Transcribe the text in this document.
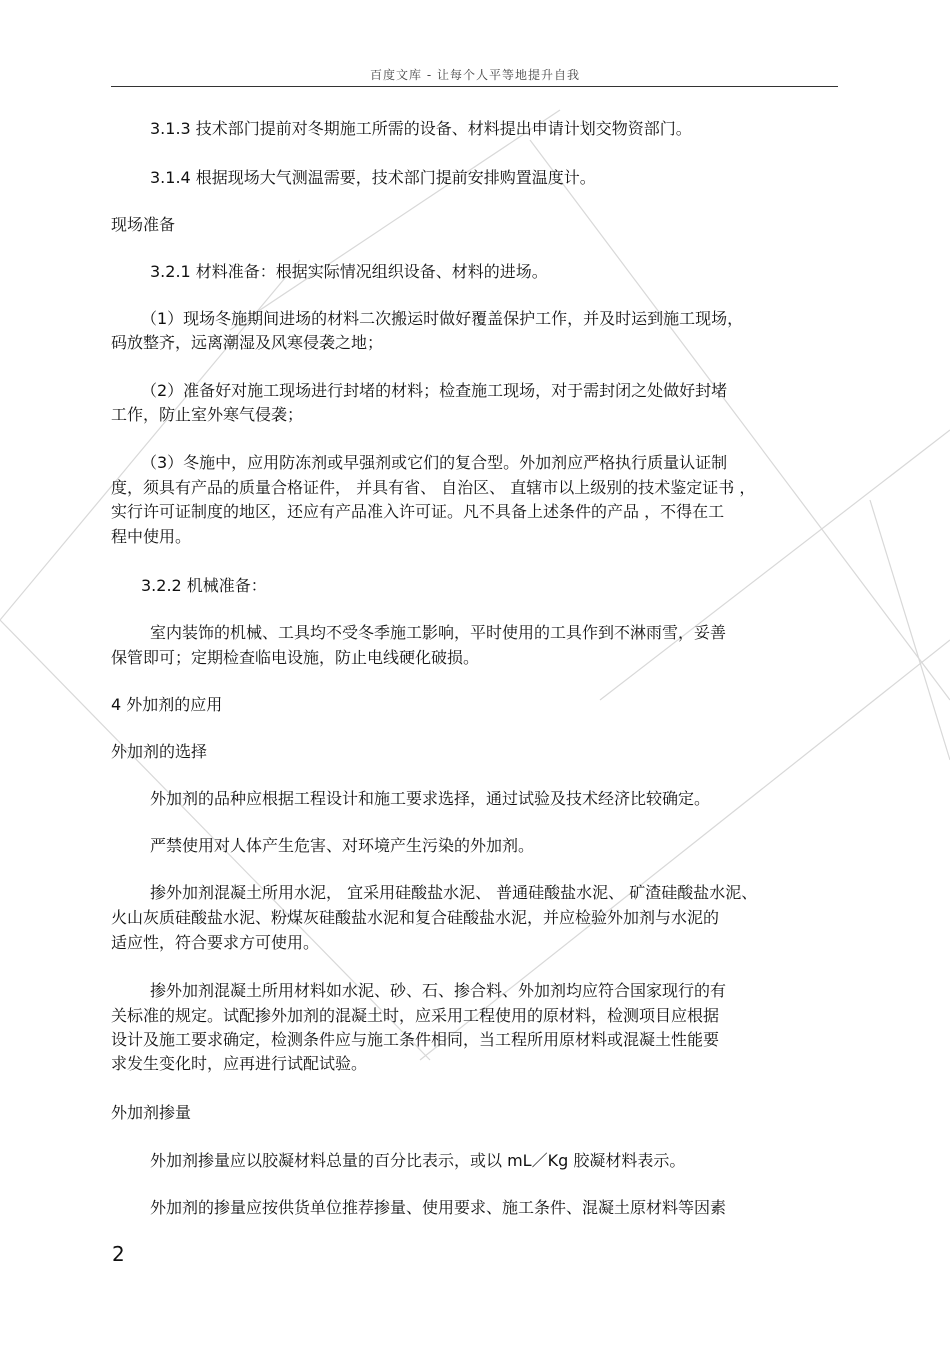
百度文库 - 让每个人平等地提升自我
3.1.3 技术部门提前对冬期施工所需的设备、材料提出申请计划交物资部门。
3.1.4 根据现场大气测温需要，技术部门提前安排购置温度计。
现场准备
3.2.1 材料准备：根据实际情况组织设备、材料的进场。
（1）现场冬施期间进场的材料二次搬运时做好覆盖保护工作，并及时运到施工现场，
码放整齐，远离潮湿及风寒侵袭之地；
（2）准备好对施工现场进行封堵的材料；检查施工现场，对于需封闭之处做好封堵
工作，防止室外寒气侵袭；
（3）冬施中，应用防冻剂或早强剂或它们的复合型。外加剂应严格执行质量认证制
度，须具有产品的质量合格证件， 并具有省、 自治区、 直辖市以上级别的技术鉴定证书 ，
实行许可证制度的地区，还应有产品准入许可证。凡不具备上述条件的产品 ，不得在工
程中使用。
3.2.2 机械准备：
室内装饰的机械、工具均不受冬季施工影响，平时使用的工具作到不淋雨雪，妥善
保管即可；定期检查临电设施，防止电线硬化破损。
4 外加剂的应用
外加剂的选择
外加剂的品种应根据工程设计和施工要求选择，通过试验及技术经济比较确定。
严禁使用对人体产生危害、对环境产生污染的外加剂。
掺外加剂混凝土所用水泥， 宜采用硅酸盐水泥、 普通硅酸盐水泥、 矿渣硅酸盐水泥、
火山灰质硅酸盐水泥、粉煤灰硅酸盐水泥和复合硅酸盐水泥，并应检验外加剂与水泥的
适应性，符合要求方可使用。
掺外加剂混凝土所用材料如水泥、砂、石、掺合料、外加剂均应符合国家现行的有
关标准的规定。试配掺外加剂的混凝土时，应采用工程使用的原材料，检测项目应根据
设计及施工要求确定，检测条件应与施工条件相同，当工程所用原材料或混凝土性能要
求发生变化时，应再进行试配试验。
外加剂掺量
外加剂掺量应以胶凝材料总量的百分比表示，或以 mL／Kg 胶凝材料表示。
外加剂的掺量应按供货单位推荐掺量、使用要求、施工条件、混凝土原材料等因素
2
